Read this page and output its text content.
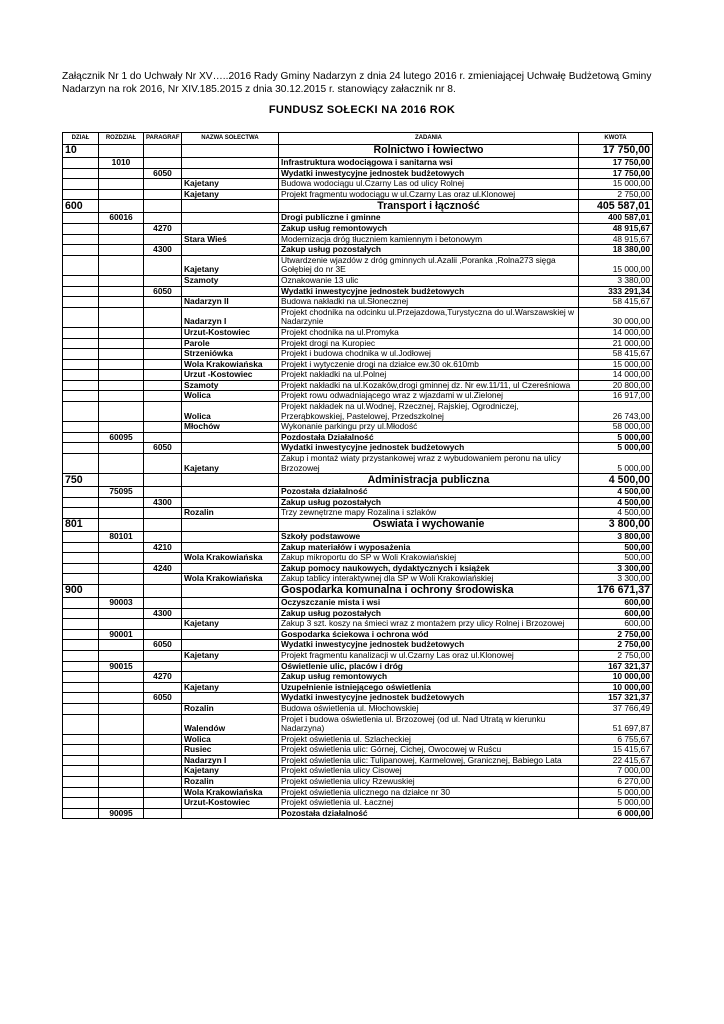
Załącznik Nr 1 do Uchwały Nr XV…..2016 Rady Gminy Nadarzyn z dnia 24 lutego 2016 r. zmieniającej Uchwałę Budżetową Gminy
Nadarzyn na rok 2016, Nr XIV.185.2015 z dnia 30.12.2015 r. stanowiący załacznik nr 8.
FUNDUSZ SOŁECKI NA 2016 ROK
DZIAŁ	ROZDZIAŁ	PARAGRAF	NAZWA SOŁECTWA	ZADANIA	KWOTA
10				Rolnictwo i łowiectwo	17 750,00
	1010			Infrastruktura wodociągowa i sanitarna wsi	17 750,00
		6050		Wydatki inwestycyjne jednostek budżetowych	17 750,00
			Kajetany	Budowa wodociągu ul.Czarny Las od ulicy Rolnej	15 000,00
			Kajetany	Projekt fragmentu wodociągu w ul.Czarny Las oraz ul.Klonowej	2 750,00
600				Transport i łączność	405 587,01
	60016			Drogi publiczne i gminne	400 587,01
		4270		Zakup usług remontowych	48 915,67
			Stara Wieś	Modernizacja dróg tłuczniem kamiennym i betonowym	48 915,67
		4300		Zakup usług pozostałych	18 380,00
			Kajetany	Utwardzenie wjazdów z dróg gminnych ul.Azalii ,Poranka ,Rolna273 sięga Gołębiej do nr 3E	15 000,00
			Szamoty	Oznakowanie 13 ulic	3 380,00
		6050		Wydatki inwestycyjne jednostek budżetowych	333 291,34
			Nadarzyn II	Budowa nakładki na ul.Słonecznej	58 415,67
			Nadarzyn I	Projekt chodnika na odcinku ul.Przejazdowa,Turystyczna do ul.Warszawskiej w Nadarzynie	30 000,00
			Urzut-Kostowiec	Projekt chodnika na ul.Promyka	14 000,00
			Parole	Projekt drogi na Kuropiec	21 000,00
			Strzeniówka	Projekt i budowa chodnika w ul.Jodłowej	58 415,67
			Wola Krakowiańska	Projekt i wytyczenie drogi na działce ew.30 ok.610mb	15 000,00
			Urzut -Kostowiec	Projekt nakładki na ul.Polnej	14 000,00
			Szamoty	Projekt nakładki na ul.Kozaków,drogi gminnej dz. Nr ew.11/11, ul Czereśniowa	20 800,00
			Wolica	Projekt rowu odwadniającego wraz z wjazdami w ul.Zielonej	16 917,00
			Wolica	Projekt nakładek na ul.Wodnej, Rzecznej, Rajskiej, Ogrodniczej, Przerąbkowskiej, Pastelowej, Przedszkolnej	26 743,00
			Młochów	Wykonanie parkingu przy ul.Młodość	58 000,00
	60095			Pozdostała Działalność	5 000,00
		6050		Wydatki inwestycyjne jednostek budżetowych	5 000,00
			Kajetany	Zakup i montaż wiaty przystankowej wraz z wybudowaniem peronu na ulicy Brzozowej	5 000,00
750				Administracja publiczna	4 500,00
	75095			Pozostała działalność	4 500,00
		4300		Zakup usług pozostałych	4 500,00
			Rozalin	Trzy zewnętrzne mapy Rozalina i szlaków	4 500,00
801				Oswiata i wychowanie	3 800,00
	80101			Szkoły podstawowe	3 800,00
		4210		Zakup materiałów i wyposażenia	500,00
			Wola Krakowiańska	Zakup mikroportu do SP w Woli Krakowiańskiej	500,00
		4240		Zakup pomocy naukowych, dydaktycznych i książek	3 300,00
			Wola Krakowiańska	Zakup tablicy interaktywnej dla SP w Woli Krakowiańskiej	3 300,00
900				Gospodarka komunalna i ochrony środowiska	176 671,37
	90003			Oczyszczanie mista i wsi	600,00
		4300		Zakup usług pozostałych	600,00
			Kajetany	Zakup 3 szt. koszy na śmieci wraz z montażem przy ulicy Rolnej i Brzozowej	600,00
	90001			Gospodarka ściekowa i ochrona wód	2 750,00
		6050		Wydatki inwestycyjne jednostek budżetowych	2 750,00
			Kajetany	Projekt fragmentu kanalizacji w ul.Czarny Las oraz ul.Klonowej	2 750,00
	90015			Oświetlenie ulic, placów i dróg	167 321,37
		4270		Zakup usług remontowych	10 000,00
			Kajetany	Uzupełnienie istniejącego oświetlenia	10 000,00
		6050		Wydatki inwestycyjne jednostek budżetowych	157 321,37
			Rozalin	Budowa oświetlenia ul. Młochowskiej	37 766,49
			Walendów	Projet i budowa oświetlenia ul. Brzozowej (od ul. Nad Utratą w kierunku Nadarzyna)	51 697,87
			Wolica	Projekt oświetlenia ul. Szlacheckiej	6 755,67
			Rusiec	Projekt oświetlenia ulic: Górnej, Cichej, Owocowej w Ruścu	15 415,67
			Nadarzyn I	Projekt oświetlenia ulic: Tulipanowej, Karmelowej, Granicznej, Babiego Lata	22 415,67
			Kajetany	Projekt oświetlenia ulicy Cisowej	7 000,00
			Rozalin	Projekt oświetlenia ulicy Rzewuskiej	6 270,00
			Wola Krakowiańska	Projekt oświetlenia ulicznego na działce nr 30	5 000,00
			Urzut-Kostowiec	Projekt oświetlenia ul. Łacznej	5 000,00
	90095			Pozostała działalność	6 000,00
